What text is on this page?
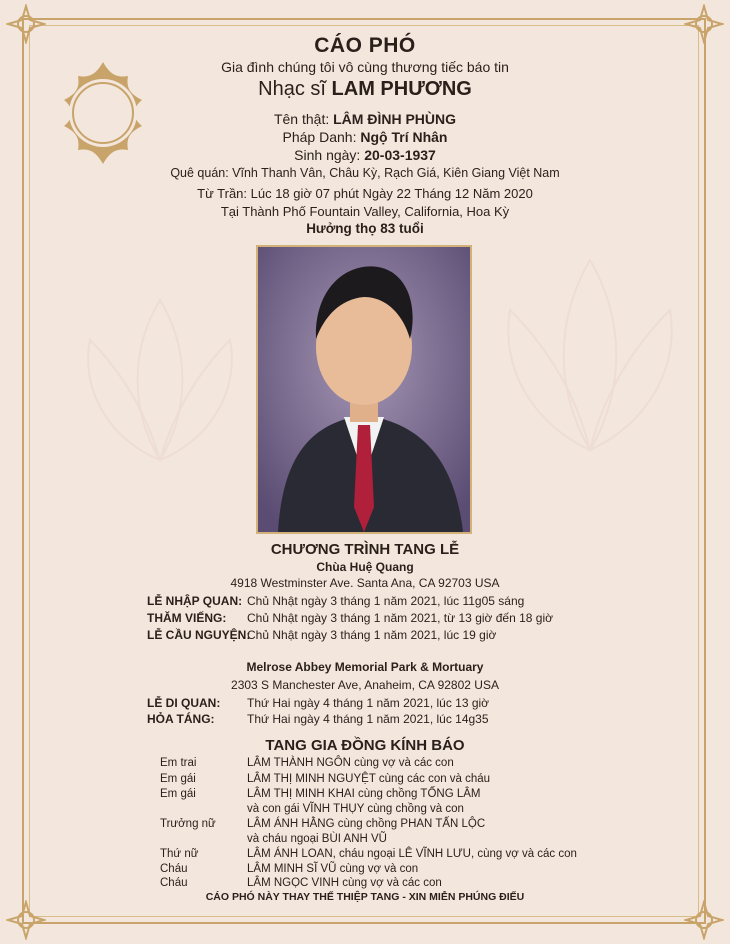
CÁO PHÓ
Gia đình chúng tôi vô cùng thương tiếc báo tin
Nhạc sĩ LAM PHƯƠNG
Tên thật: LÂM ĐÌNH PHÙNG
Pháp Danh: Ngộ Trí Nhân
Sinh ngày: 20-03-1937
Quê quán: Vĩnh Thanh Vân, Châu Kỳ, Rạch Giá, Kiên Giang Việt Nam
Từ Trần: Lúc 18 giờ 07 phút Ngày 22 Tháng 12 Năm 2020
Tại Thành Phố Fountain Valley, California, Hoa Kỳ
Hưởng thọ 83 tuổi
CHƯƠNG TRÌNH TANG LỄ
Chùa Huệ Quang
4918 Westminster Ave. Santa Ana, CA 92703 USA
LỄ NHẬP QUAN: Chủ Nhật ngày 3 tháng 1 năm 2021, lúc 11g05 sáng
THĂM VIẾNG: Chủ Nhật ngày 3 tháng 1 năm 2021, từ 13 giờ đến 18 giờ
LỄ CẦU NGUYỆN:Chủ Nhật ngày 3 tháng 1 năm 2021, lúc 19 giờ
Melrose Abbey Memorial Park & Mortuary
2303 S Manchester Ave, Anaheim, CA 92802 USA
LỄ DI QUAN: Thứ Hai ngày 4 tháng 1 năm 2021, lúc 13 giờ
HỎA TÁNG:	Thứ Hai ngày 4 tháng 1 năm 2021, lúc 14g35
TANG GIA ĐỒNG KÍNH BÁO
Em trai	LÂM THÀNH NGÔN cùng vợ và các con
Em gái	LÂM THỊ MINH NGUYỆT cùng các con và cháu
Em gái	LÂM THỊ MINH KHAI cùng chồng TỐNG LÂM
và con gái VĨNH THỤY cùng chồng và con
Trưởng nữ	LÂM ÁNH HẰNG cùng chồng PHAN TẤN LỘC
và cháu ngoại BÙI ANH VŨ
Thứ nữ	LÂM ÁNH LOAN, cháu ngoại LÊ VĨNH LƯU, cùng vợ và các con
Cháu	LÂM MINH SĨ VŨ cùng vợ và con
Cháu	LÂM NGỌC VINH cùng vợ và các con
CÁO PHÓ NÀY THAY THẾ THIỆP TANG - XIN MIỄN PHÚNG ĐIẾU
